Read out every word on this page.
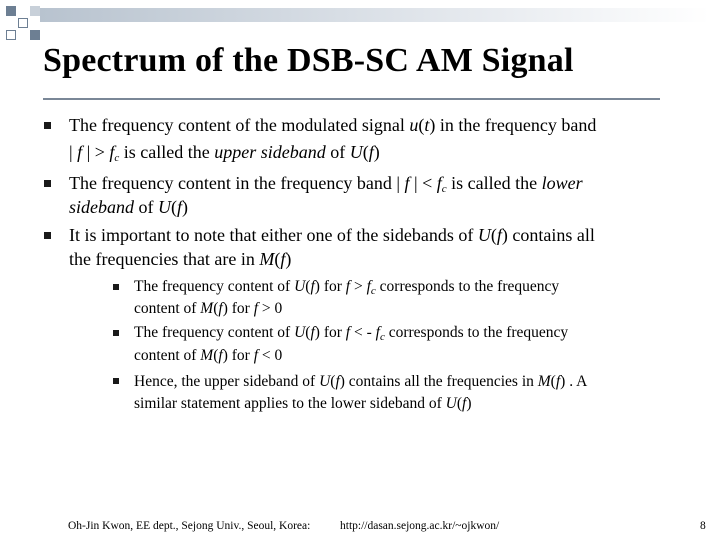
Spectrum of the DSB-SC AM Signal
The frequency content of the modulated signal u(t) in the frequency band
| f | > fc is called the upper sideband of U(f)
The frequency content in the frequency band | f | < fc is called the lower
sideband of U(f)
It is important to note that either one of the sidebands of U(f) contains all
the frequencies that are in M(f)
The frequency content of U(f) for f > fc corresponds to the frequency
content of M(f) for f > 0
The frequency content of U(f) for f < - fc corresponds to the frequency
content of M(f) for f < 0
Hence, the upper sideband of U(f) contains all the frequencies in M(f) . A
similar statement applies to the lower sideband of U(f)
Oh-Jin Kwon, EE dept., Sejong Univ., Seoul, Korea:	http://dasan.sejong.ac.kr/~ojkwon/	8
